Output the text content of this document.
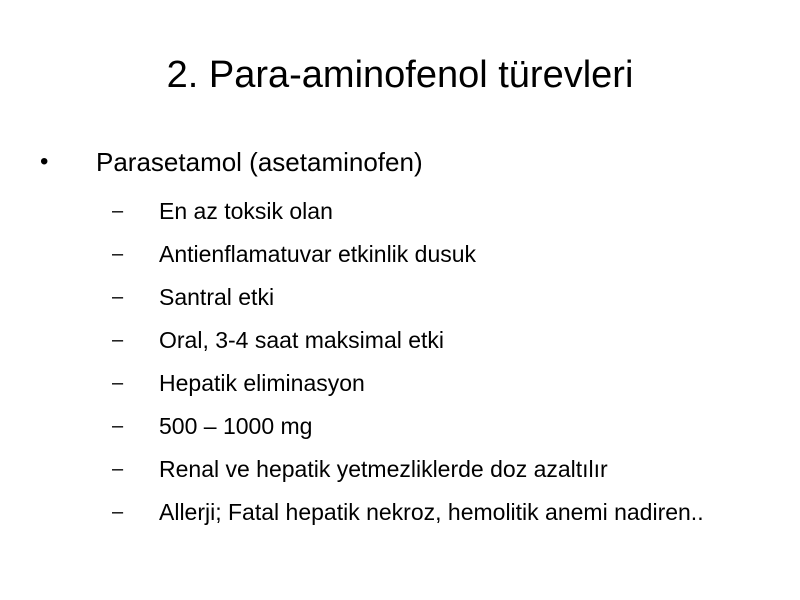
2. Para-aminofenol türevleri
• Parasetamol (asetaminofen)
– En az toksik olan
– Antienflamatuvar etkinlik dusuk
– Santral etki
– Oral, 3-4 saat maksimal etki
– Hepatik eliminasyon
– 500 – 1000 mg
– Renal ve hepatik yetmezliklerde doz azaltılır
– Allerji; Fatal hepatik nekroz, hemolitik anemi nadiren..
